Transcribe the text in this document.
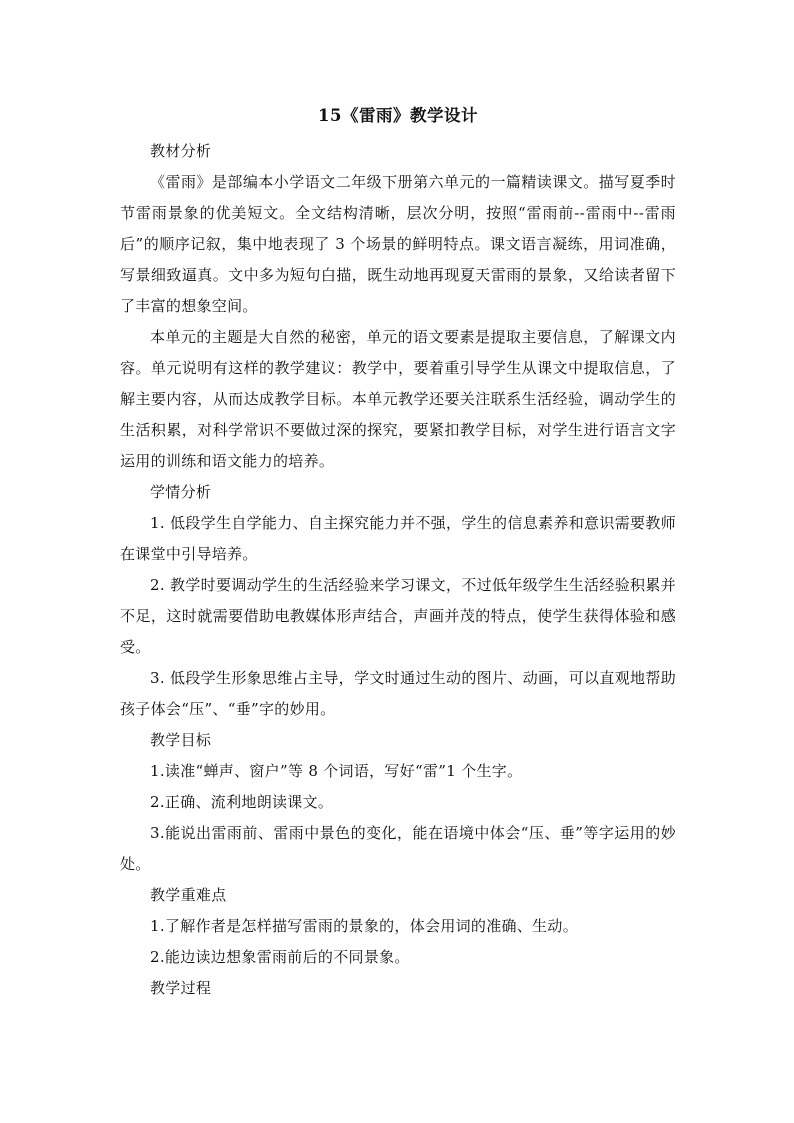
15《雷雨》教学设计

教材分析

《雷雨》是部编本小学语文二年级下册第六单元的一篇精读课文。描写夏季时节雷雨景象的优美短文。全文结构清晰，层次分明，按照“雷雨前--雷雨中--雷雨后”的顺序记叙，集中地表现了 3 个场景的鲜明特点。课文语言凝练，用词准确，写景细致逼真。文中多为短句白描，既生动地再现夏天雷雨的景象，又给读者留下了丰富的想象空间。

本单元的主题是大自然的秘密，单元的语文要素是提取主要信息，了解课文内容。单元说明有这样的教学建议：教学中，要着重引导学生从课文中提取信息，了解主要内容，从而达成教学目标。本单元教学还要关注联系生活经验，调动学生的生活积累，对科学常识不要做过深的探究，要紧扣教学目标，对学生进行语言文字运用的训练和语文能力的培养。

学情分析

1. 低段学生自学能力、自主探究能力并不强，学生的信息素养和意识需要教师在课堂中引导培养。

2. 教学时要调动学生的生活经验来学习课文，不过低年级学生生活经验积累并不足，这时就需要借助电教媒体形声结合，声画并茂的特点，使学生获得体验和感受。

3. 低段学生形象思维占主导，学文时通过生动的图片、动画，可以直观地帮助孩子体会“压”、“垂”字的妙用。

教学目标

1.读准“蝉声、窗户”等 8 个词语，写好“雷”1 个生字。

2.正确、流利地朗读课文。

3.能说出雷雨前、雷雨中景色的变化，能在语境中体会“压、垂”等字运用的妙处。

教学重难点

1.了解作者是怎样描写雷雨的景象的，体会用词的准确、生动。

2.能边读边想象雷雨前后的不同景象。

教学过程
